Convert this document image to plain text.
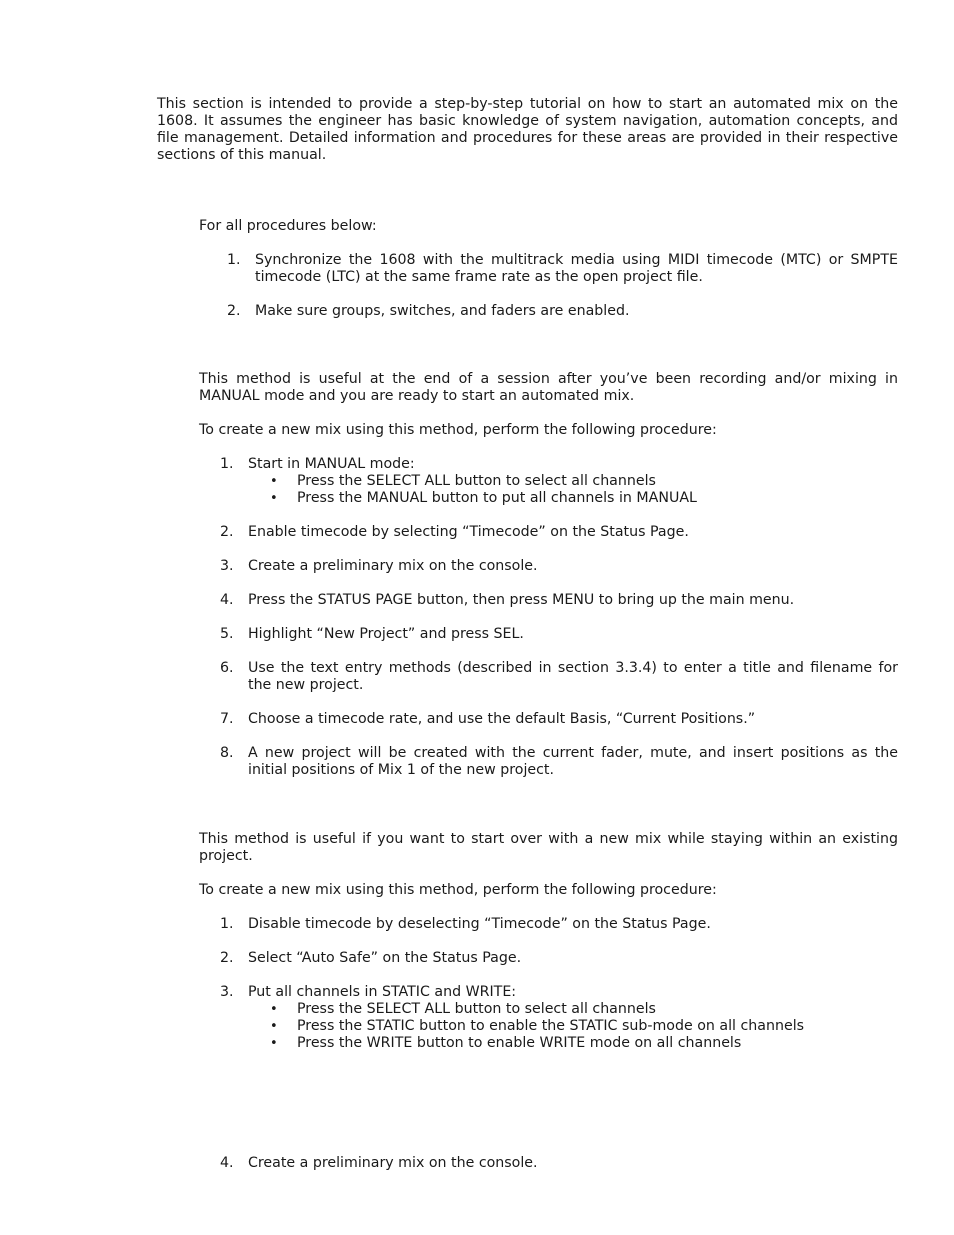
This section is intended to provide a step-by-step tutorial on how to start an automated mix on the 1608. It assumes the engineer has basic knowledge of system navigation, automation concepts, and file management. Detailed information and procedures for these areas are provided in their respective sections of this manual.

For all procedures below:

1. Synchronize the 1608 with the multitrack media using MIDI timecode (MTC) or SMPTE timecode (LTC) at the same frame rate as the open project file.

2. Make sure groups, switches, and faders are enabled.

This method is useful at the end of a session after you’ve been recording and/or mixing in MANUAL mode and you are ready to start an automated mix.

To create a new mix using this method, perform the following procedure:

1. Start in MANUAL mode:

• Press the SELECT ALL button to select all channels

• Press the MANUAL button to put all channels in MANUAL

2. Enable timecode by selecting “Timecode” on the Status Page.

3. Create a preliminary mix on the console.

4. Press the STATUS PAGE button, then press MENU to bring up the main menu.

5. Highlight “New Project” and press SEL.

6. Use the text entry methods (described in section 3.3.4) to enter a title and filename for the new project.

7. Choose a timecode rate, and use the default Basis, “Current Positions.”

8. A new project will be created with the current fader, mute, and insert positions as the initial positions of Mix 1 of the new project.

This method is useful if you want to start over with a new mix while staying within an existing project.

To create a new mix using this method, perform the following procedure:

1. Disable timecode by deselecting “Timecode” on the Status Page.

2. Select “Auto Safe” on the Status Page.

3. Put all channels in STATIC and WRITE:

• Press the SELECT ALL button to select all channels

• Press the STATIC button to enable the STATIC sub-mode on all channels

• Press the WRITE button to enable WRITE mode on all channels

4. Create a preliminary mix on the console.
